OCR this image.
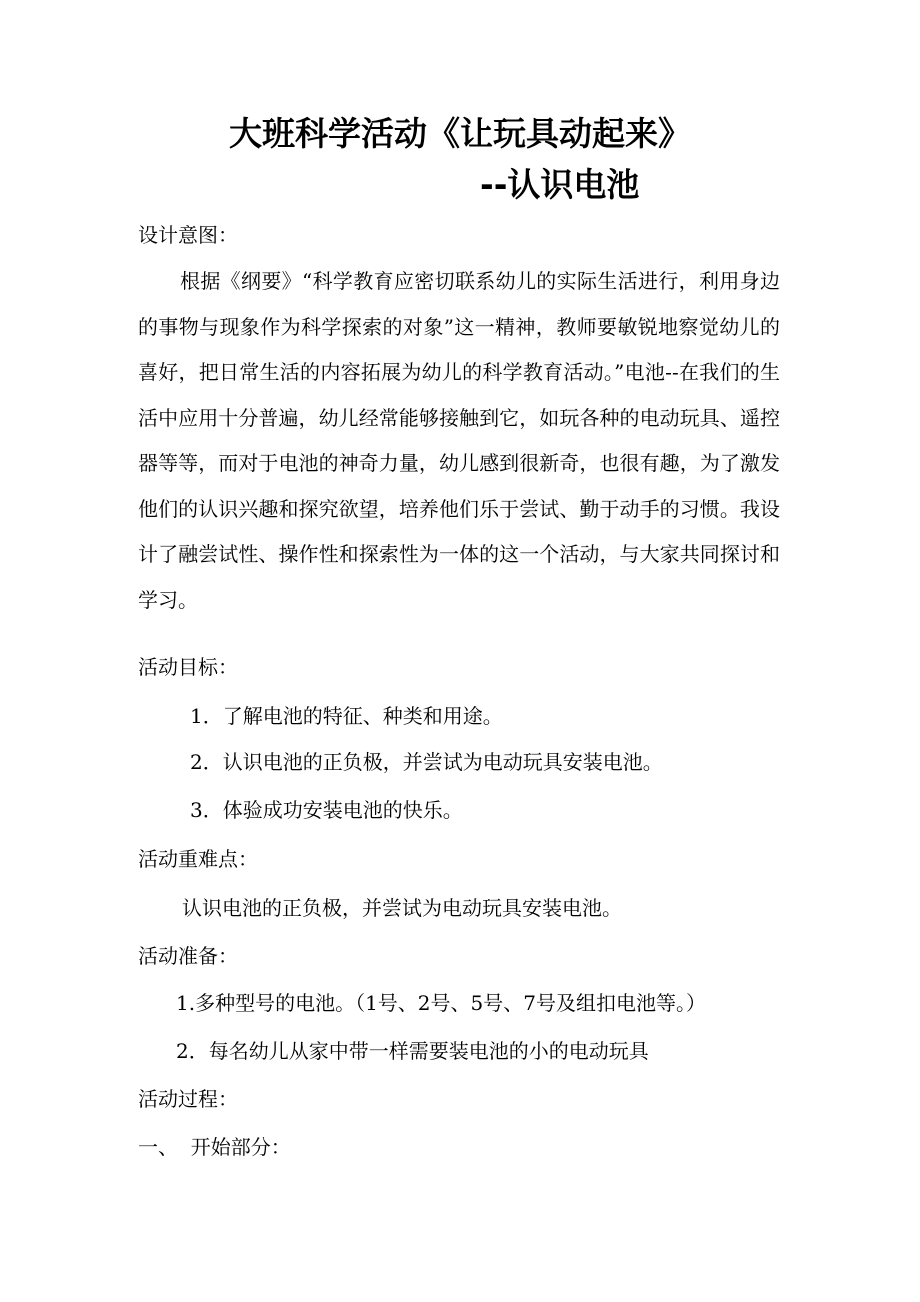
大班科学活动《让玩具动起来》
--认识电池
设计意图：
根据《纲要》“科学教育应密切联系幼儿的实际生活进行，利用身边的事物与现象作为科学探索的对象”这一精神，教师要敏锐地察觉幼儿的喜好，把日常生活的内容拓展为幼儿的科学教育活动。”电池--在我们的生活中应用十分普遍，幼儿经常能够接触到它，如玩各种的电动玩具、遥控器等等，而对于电池的神奇力量，幼儿感到很新奇，也很有趣，为了激发他们的认识兴趣和探究欲望，培养他们乐于尝试、勤于动手的习惯。我设计了融尝试性、操作性和探索性为一体的这一个活动，与大家共同探讨和学习。
活动目标：
1．了解电池的特征、种类和用途。
2．认识电池的正负极，并尝试为电动玩具安装电池。
3．体验成功安装电池的快乐。
活动重难点：
认识电池的正负极，并尝试为电动玩具安装电池。
活动准备：
1.多种型号的电池。（1号、2号、5号、7号及组扣电池等。）
2．每名幼儿从家中带一样需要装电池的小的电动玩具
活动过程：
一、  开始部分：
